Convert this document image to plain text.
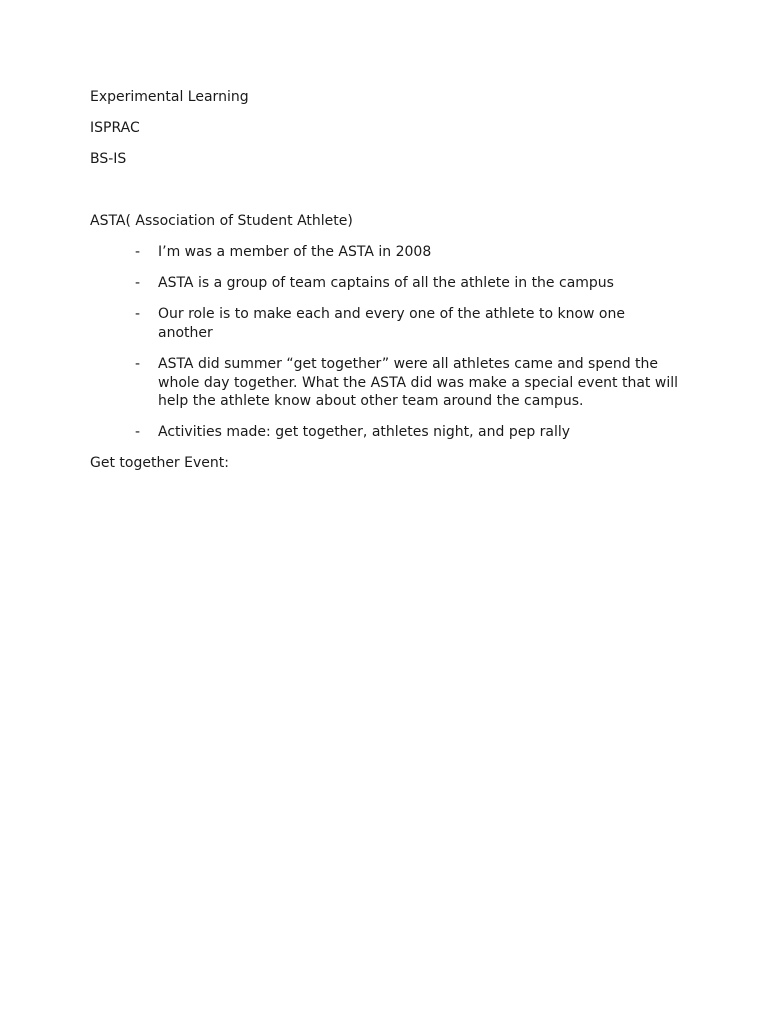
Experimental Learning

ISPRAC

BS-IS

ASTA( Association of Student Athlete)

- I’m was a member of the ASTA in 2008

- ASTA is a group of team captains of all the athlete in the campus

- Our role is to make each and every one of the athlete to know one another

- ASTA did summer “get together” were all athletes came and spend the whole day together. What the ASTA did was make a special event that will help the athlete know about other team around the campus.

- Activities made: get together, athletes night, and pep rally

Get together Event:
